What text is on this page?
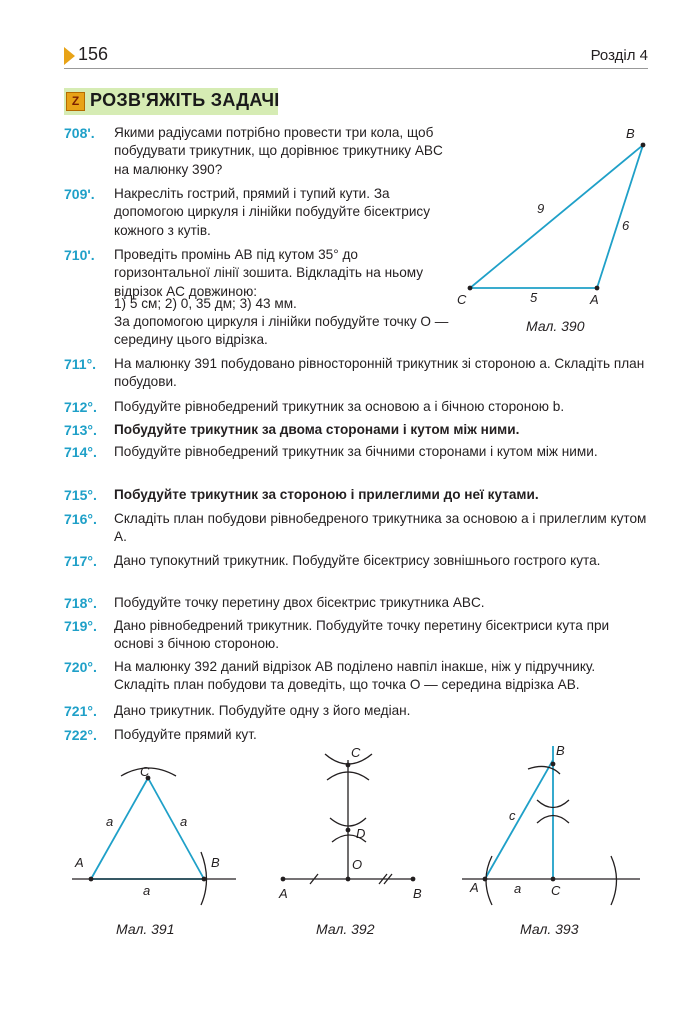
156	Розділ 4
Z РОЗВ'ЯЖІТЬ ЗАДАЧІ
708'. Якими радіусами потрібно провести три кола, щоб побудувати трикутник, що дорівнює трикутнику ABC на малюнку 390?
709'. Накресліть гострий, прямий і тупий кути. За допомогою циркуля і лінійки побудуйте бісектрису кожного з кутів.
710'. Проведіть промінь AB під кутом 35° до горизонтальної лінії зошита. Відкладіть на ньому відрізок AC довжиною:
1) 5 см; 2) 0, 35 дм; 3) 43 мм.
За допомогою циркуля і лінійки побудуйте точку O — середину цього відрізка.
711°. На малюнку 391 побудовано рівносторонній трикутник зі стороною a. Складіть план побудови.
712°. Побудуйте рівнобедрений трикутник за основою a і бічною стороною b.
713°. Побудуйте трикутник за двома сторонами і кутом між ними.
714°. Побудуйте рівнобедрений трикутник за бічними сторонами і кутом між ними.
715°. Побудуйте трикутник за стороною і прилеглими до неї кутами.
716°. Складіть план побудови рівнобедреного трикутника за основою a і прилеглим кутом A.
717°. Дано тупокутний трикутник. Побудуйте бісектрису зовнішнього гострого кута.
718°. Побудуйте точку перетину двох бісектрис трикутника ABC.
719°. Дано рівнобедрений трикутник. Побудуйте точку перетину бісектриси кута при основі з бічною стороною.
720°. На малюнку 392 даний відрізок AB поділено навпіл інакше, ніж у підручнику. Складіть план побудови та доведіть, що точка O — середина відрізка AB.
721°. Дано трикутник. Побудуйте одну з його медіан.
722°. Побудуйте прямий кут.
C	A
B
5
6
9
A	B
C
a	a
a	A	B
C
D
O
A	C
B
c
a
Мал. 390
Мал. 391	Мал. 392	Мал. 393
